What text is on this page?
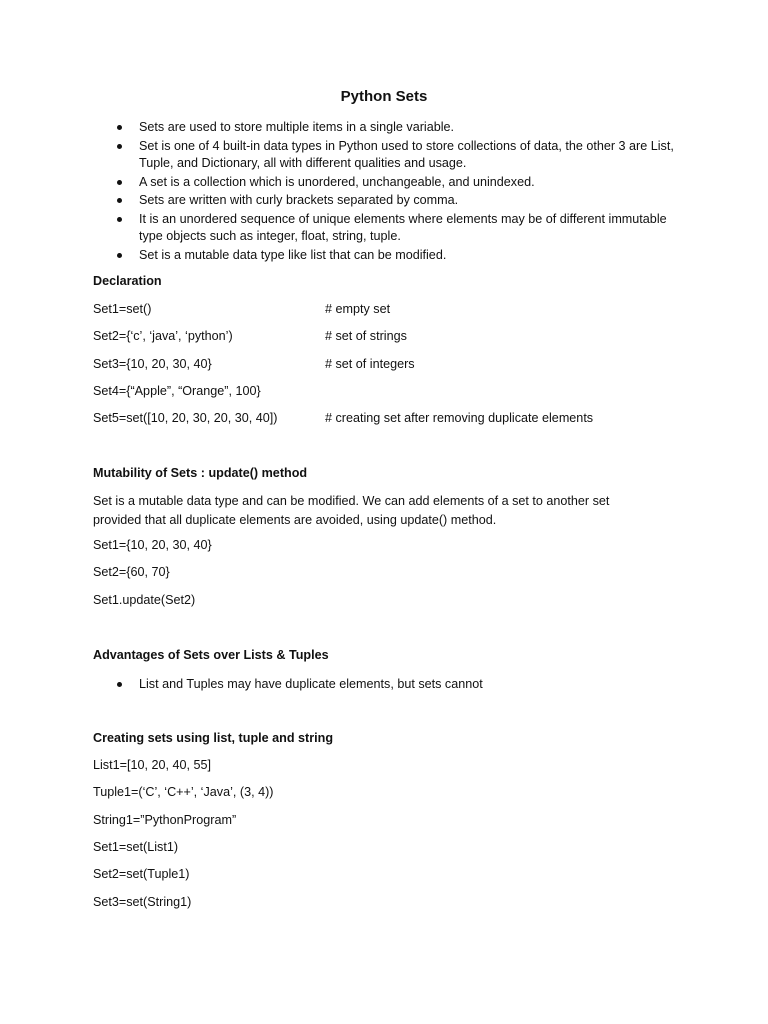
Python Sets
Sets are used to store multiple items in a single variable.
Set is one of 4 built-in data types in Python used to store collections of data, the other 3 are List, Tuple, and Dictionary, all with different qualities and usage.
A set is a collection which is unordered, unchangeable, and unindexed.
Sets are written with curly brackets separated by comma.
It is an unordered sequence of unique elements where elements may be of different immutable type objects such as integer, float, string, tuple.
Set is a mutable data type like list that can be modified.
Declaration
Set1=set()	# empty set
Set2={‘c’, ‘java’, ‘python’)	# set of strings
Set3={10, 20, 30, 40}	# set of integers
Set4={“Apple”, “Orange”, 100}
Set5=set([10, 20, 30, 20, 30, 40])	# creating set after removing duplicate elements
Mutability of Sets : update() method
Set is a mutable data type and can be modified. We can add elements of a set to another set provided that all duplicate elements are avoided, using update() method.
Set1={10, 20, 30, 40}
Set2={60, 70}
Set1.update(Set2)
Advantages of Sets over Lists & Tuples
List and Tuples may have duplicate elements, but sets cannot
Creating sets using list, tuple and string
List1=[10, 20, 40, 55]
Tuple1=(‘C’, ‘C++’, ‘Java’, (3, 4))
String1=”PythonProgram”
Set1=set(List1)
Set2=set(Tuple1)
Set3=set(String1)
